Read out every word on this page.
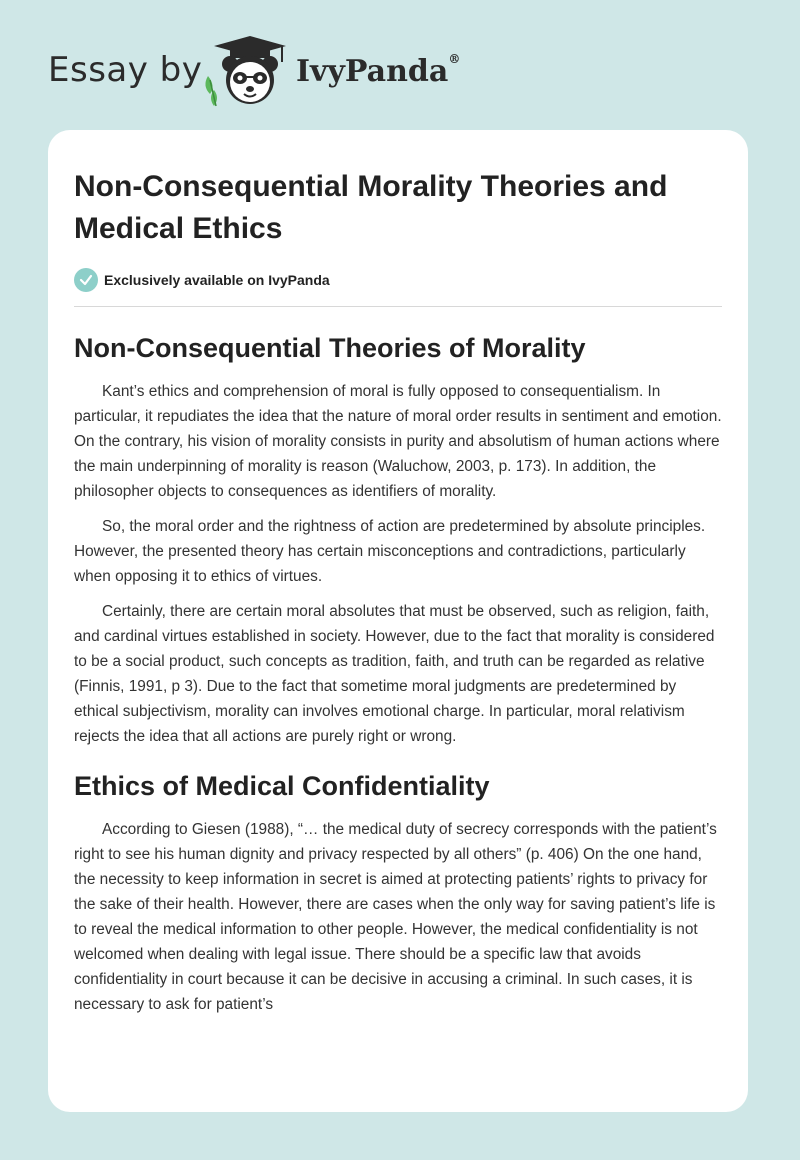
Essay by	IvyPanda®
Non-Consequential Morality Theories and Medical Ethics
Exclusively available on IvyPanda
Non-Consequential Theories of Morality

Kant’s ethics and comprehension of moral is fully opposed to consequentialism. In particular, it repudiates the idea that the nature of moral order results in sentiment and emotion. On the contrary, his vision of morality consists in purity and absolutism of human actions where the main underpinning of morality is reason (Waluchow, 2003, p. 173). In addition, the philosopher objects to consequences as identifiers of morality.

So, the moral order and the rightness of action are predetermined by absolute principles. However, the presented theory has certain misconceptions and contradictions, particularly when opposing it to ethics of virtues.

Certainly, there are certain moral absolutes that must be observed, such as religion, faith, and cardinal virtues established in society. However, due to the fact that morality is considered to be a social product, such concepts as tradition, faith, and truth can be regarded as relative (Finnis, 1991, p 3). Due to the fact that sometime moral judgments are predetermined by ethical subjectivism, morality can involves emotional charge. In particular, moral relativism rejects the idea that all actions are purely right or wrong.

Ethics of Medical Confidentiality

According to Giesen (1988), “… the medical duty of secrecy corresponds with the patient’s right to see his human dignity and privacy respected by all others” (p. 406) On the one hand, the necessity to keep information in secret is aimed at protecting patients’ rights to privacy for the sake of their health. However, there are cases when the only way for saving patient’s life is to reveal the medical information to other people. However, the medical confidentiality is not welcomed when dealing with legal issue. There should be a specific law that avoids confidentiality in court because it can be decisive in accusing a criminal. In such cases, it is necessary to ask for patient’s
